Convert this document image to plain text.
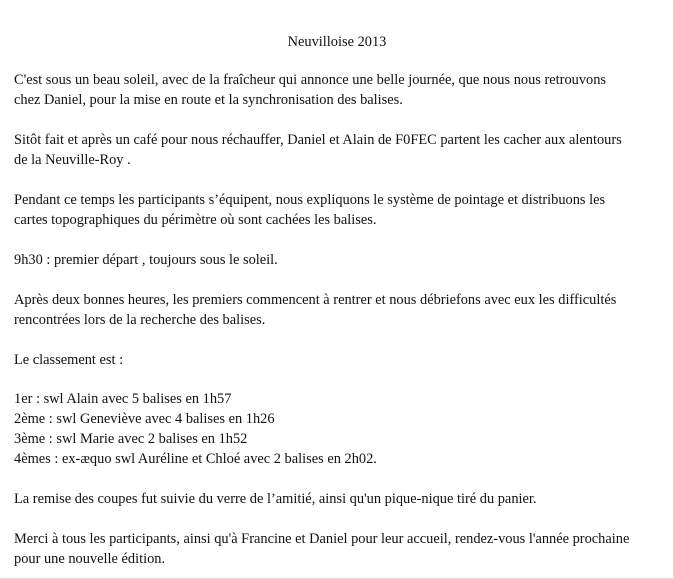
Neuvilloise 2013
C'est sous un beau soleil, avec de la fraîcheur qui annonce une belle journée, que nous nous retrouvons
chez Daniel, pour la mise en route et la synchronisation des balises.
Sitôt fait et après un café pour nous réchauffer, Daniel et Alain de F0FEC partent les cacher aux alentours
de la Neuville-Roy .
Pendant ce temps les participants s’équipent, nous expliquons le système de pointage et distribuons les
cartes topographiques du périmètre où sont cachées les balises.
9h30 : premier départ , toujours sous le soleil.
Après deux bonnes heures, les premiers commencent à rentrer et nous débriefons avec eux les difficultés
rencontrées lors de la recherche des balises.
Le classement est :
1er : swl Alain avec 5 balises en 1h57
2ème : swl Geneviève avec 4 balises en 1h26
3ème : swl Marie avec 2 balises en 1h52
4èmes : ex-æquo swl Auréline et Chloé avec 2 balises en 2h02.
La remise des coupes fut suivie du verre de l’amitié, ainsi qu'un pique-nique tiré du panier.
Merci à tous les participants, ainsi qu'à Francine et Daniel pour leur accueil, rendez-vous l'année prochaine
pour une nouvelle édition.
